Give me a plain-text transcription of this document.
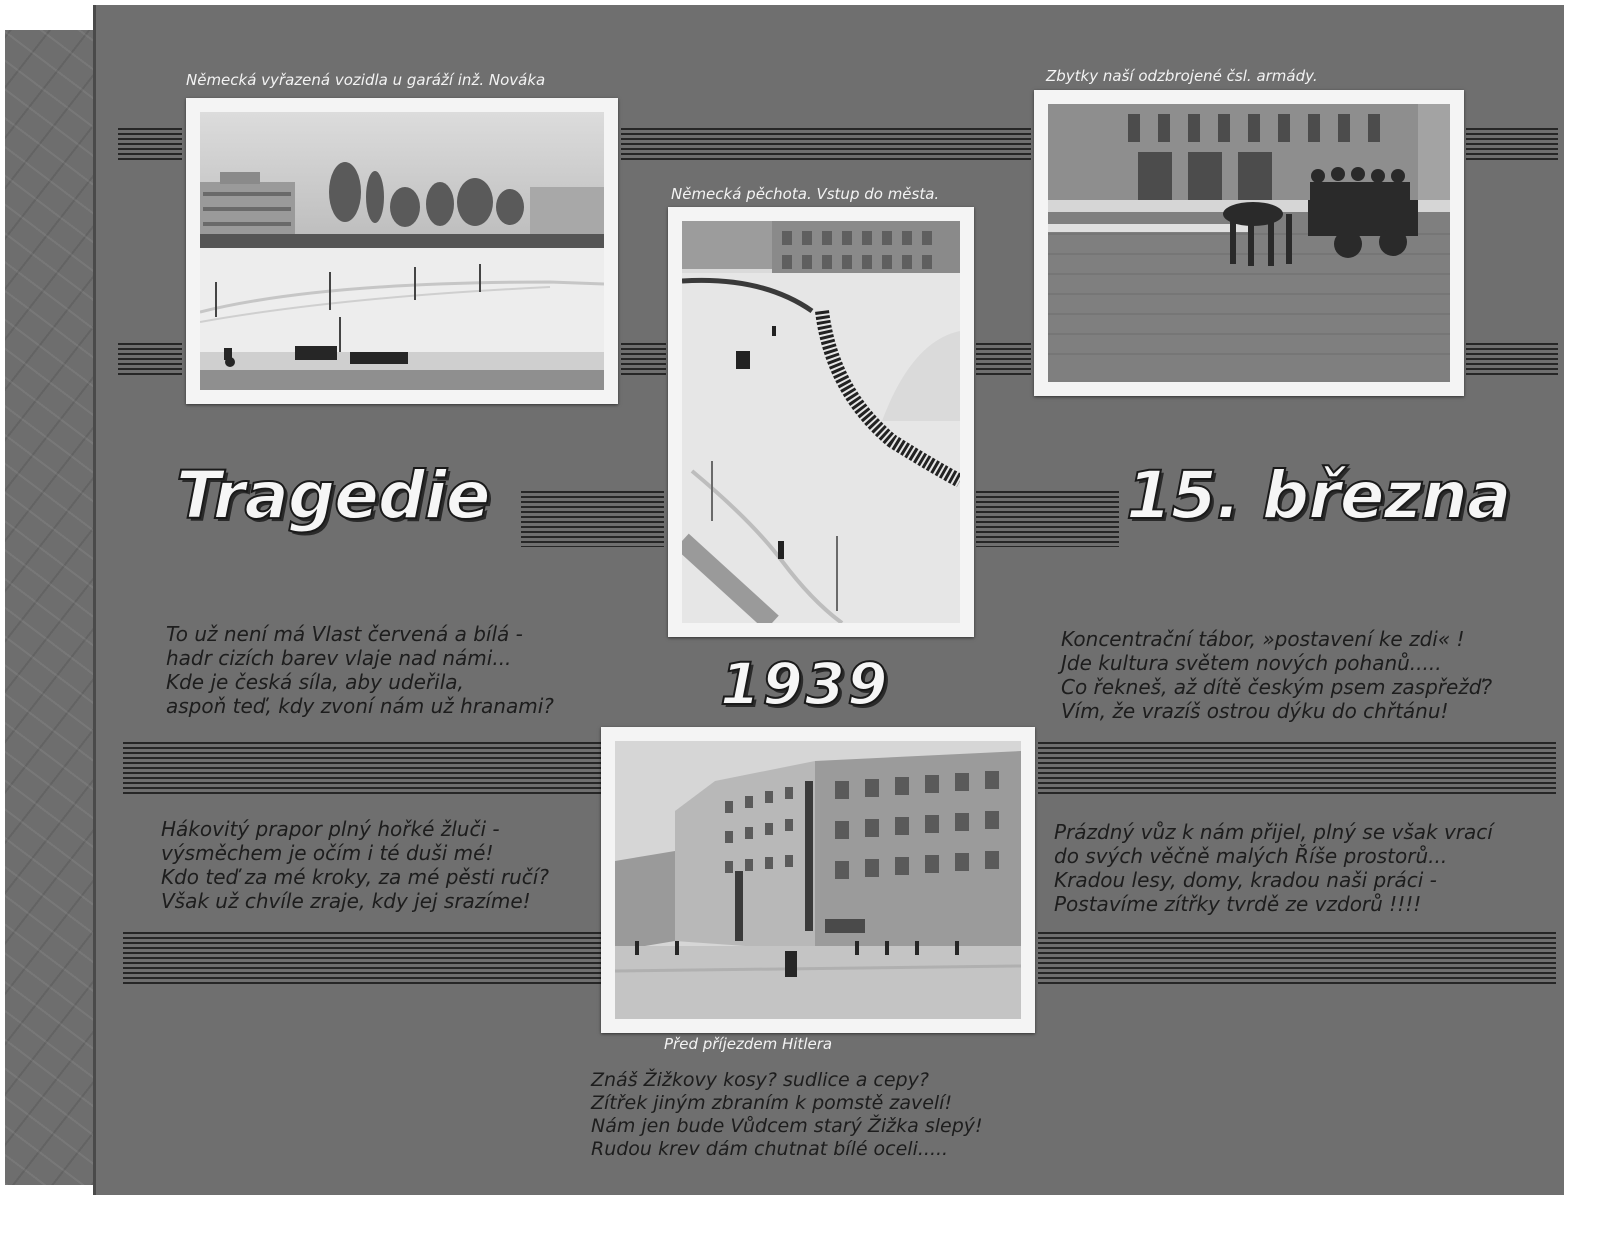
Německá vyřazená vozidla u garáží inž. Nováka
Německá pěchota. Vstup do města.
Zbytky naší odzbrojené čsl. armády.
Před příjezdem Hitlera
Tragedie	15. března
1939
To už není má Vlast červená a bílá -
hadr cizích barev vlaje nad námi...
Kde je česká síla, aby udeřila,
aspoň teď, kdy zvoní nám už hranami?
Koncentrační tábor, »postavení ke zdi« !
Jde kultura světem nových pohanů.....
Co řekneš, až dítě českým psem zaspřežď?
Vím, že vrazíš ostrou dýku do chřtánu!
Hákovitý prapor plný hořké žluči -
výsměchem je očím i té duši mé!
Kdo teď za mé kroky, za mé pěsti ručí?
Však už chvíle zraje, kdy jej srazíme!
Prázdný vůz k nám přijel, plný se však vrací
do svých věčně malých Říše prostorů...
Kradou lesy, domy, kradou naši práci -
Postavíme zítřky tvrdě ze vzdorů !!!!
Znáš Žižkovy kosy? sudlice a cepy?
Zítřek jiným zbraním k pomstě zavelí!
Nám jen bude Vůdcem starý Žižka slepý!
Rudou krev dám chutnat bílé oceli.....
